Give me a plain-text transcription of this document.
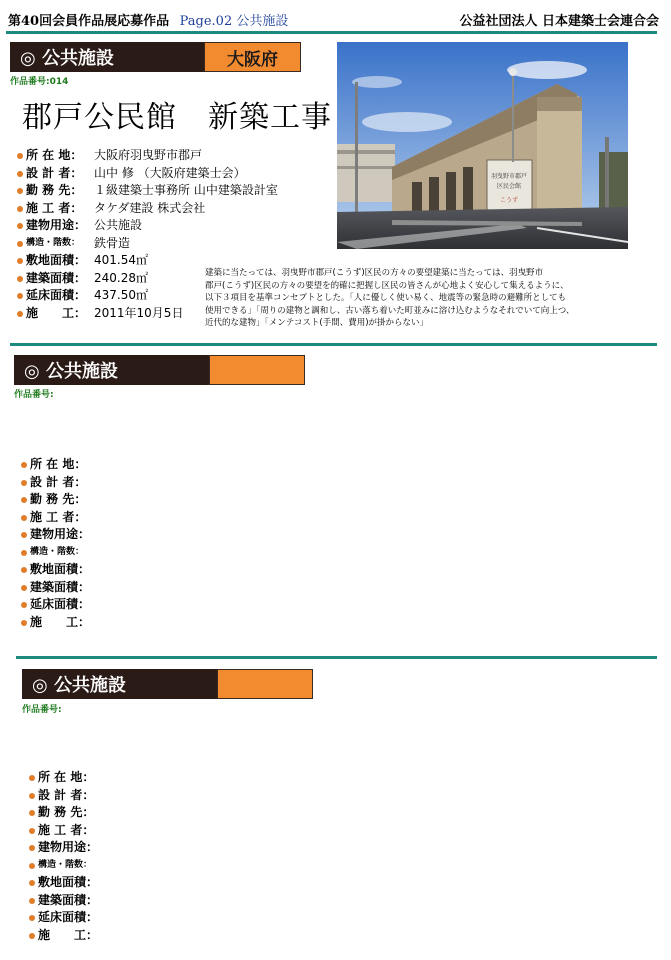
第40回会員作品展応募作品 Page.02 公共施設	公益社団法人 日本建築士会連合会
◎ 公共施設	大阪府
作品番号:014
郡戸公民館　新築工事
所 在 地： 大阪府羽曳野市郡戸
設 計 者： 山中 修 （大阪府建築士会）
勤 務 先： １級建築士事務所 山中建築設計室
施 工 者： タケダ建設 株式会社
建物用途： 公共施設
構造・階数：	鉄骨造
敷地面積： 401.54㎡
建築面積： 240.28㎡
延床面積： 437.50㎡
施　　工： 2011年10月5日
羽曳野市郡戸
区民会館
こうず
建築に当たっては、羽曳野市郡戸(こうず)区民の方々の要望建築に当たっては、羽曳野市
郡戸(こうず)区民の方々の要望を的確に把握し区民の皆さんが心地よく安心して集えるように、
以下３項目を基準コンセプトとした。｢人に優しく使い易く、地震等の緊急時の避難所としても
使用できる｣「周りの建物と調和し、古い落ち着いた町並みに溶け込むようなそれでいて向上つ、
近代的な建物」「メンテコスト(手間、費用)が掛からない」
◎ 公共施設
作品番号:
所 在 地：
設 計 者：
勤 務 先：
施 工 者：
建物用途：
構造・階数：
敷地面積：
建築面積：
延床面積：
施　　工：
◎ 公共施設
作品番号:
所 在 地：
設 計 者：
勤 務 先：
施 工 者：
建物用途：
構造・階数：
敷地面積：
建築面積：
延床面積：
施　　工：
